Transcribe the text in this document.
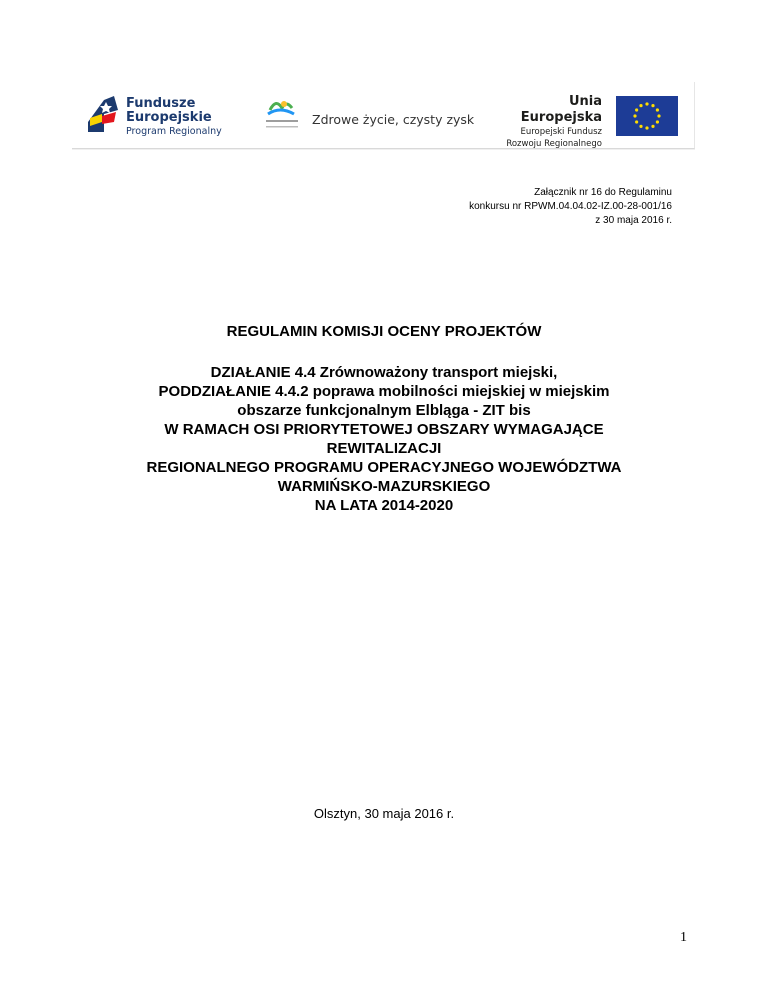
Fundusze
Europejskie
Program Regionalny
Zdrowe życie, czysty zysk
Unia Europejska
Europejski Fundusz
Rozwoju Regionalnego
Załącznik nr 16 do Regulaminu
konkursu nr RPWM.04.04.02-IZ.00-28-001/16
z 30 maja 2016 r.
REGULAMIN KOMISJI OCENY PROJEKTÓW
DZIAŁANIE 4.4 Zrównoważony transport miejski,
PODDZIAŁANIE 4.4.2 poprawa mobilności miejskiej w miejskim
obszarze funkcjonalnym Elbląga - ZIT bis
W RAMACH OSI PRIORYTETOWEJ OBSZARY WYMAGAJĄCE
REWITALIZACJI
REGIONALNEGO PROGRAMU OPERACYJNEGO WOJEWÓDZTWA
WARMIŃSKO-MAZURSKIEGO
NA LATA 2014-2020
Olsztyn, 30 maja 2016 r.
1
